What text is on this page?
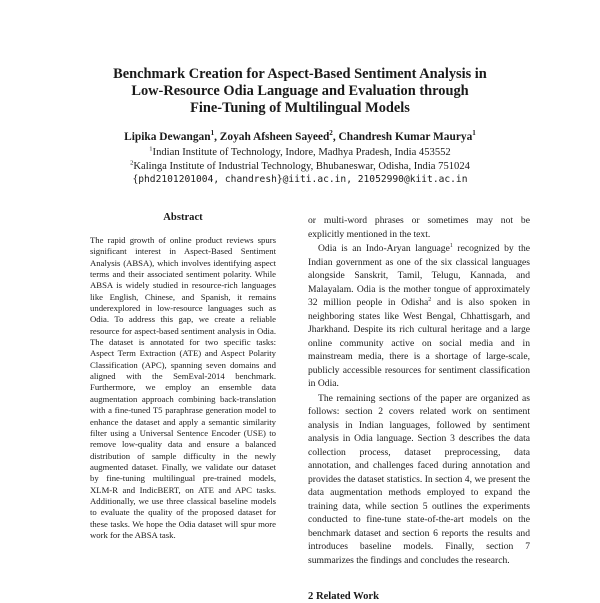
Benchmark Creation for Aspect-Based Sentiment Analysis in
Low-Resource Odia Language and Evaluation through
Fine-Tuning of Multilingual Models
Lipika Dewangan$^1$, Zoyah Afsheen Sayeed$^2$, Chandresh Kumar Maurya$^1$
$^1$Indian Institute of Technology, Indore, Madhya Pradesh, India 453552
$^2$Kalinga Institute of Industrial Technology, Bhubaneswar, Odisha, India 751024
{phd2101201004, chandresh}@iiti.ac.in, 21052990@kiit.ac.in
Abstract

The rapid growth of online product reviews spurs significant interest in Aspect-Based Sentiment Analysis (ABSA), which involves identifying aspect terms and their associated sentiment polarity. While ABSA is widely studied in resource-rich languages like English, Chinese, and Spanish, it remains underexplored in low-resource languages such as Odia. To address this gap, we create a reliable resource for aspect-based sentiment analysis in Odia. The dataset is annotated for two specific tasks: Aspect Term Extraction (ATE) and Aspect Polarity Classification (APC), spanning seven domains and aligned with the SemEval-2014 benchmark. Furthermore, we employ an ensemble data augmentation approach combining back-translation with a fine-tuned T5 paraphrase generation model to enhance the dataset and apply a semantic similarity filter using a Universal Sentence Encoder (USE) to remove low-quality data and ensure a balanced distribution of sample difficulty in the newly augmented dataset. Finally, we validate our dataset by fine-tuning multilingual pre-trained models, XLM-R and IndicBERT, on ATE and APC tasks. Additionally, we use three classical baseline models to evaluate the quality of the proposed dataset for these tasks. We hope the Odia dataset will spur more work for the ABSA task.

or multi-word phrases or sometimes may not be explicitly mentioned in the text.

Odia is an Indo-Aryan language$^1$ recognized by the Indian government as one of the six classical languages alongside Sanskrit, Tamil, Telugu, Kannada, and Malayalam. Odia is the mother tongue of approximately 32 million people in Odisha$^2$ and is also spoken in neighboring states like West Bengal, Chhattisgarh, and Jharkhand. Despite its rich cultural heritage and a large online community active on social media and in mainstream media, there is a shortage of large-scale, publicly accessible resources for sentiment classification in Odia.

The remaining sections of the paper are organized as follows: section 2 covers related work on sentiment analysis in Indian languages, followed by sentiment analysis in Odia language. Section 3 describes the data collection process, dataset preprocessing, data annotation, and challenges faced during annotation and provides the dataset statistics. In section 4, we present the data augmentation methods employed to expand the training data, while section 5 outlines the experiments conducted to fine-tune state-of-the-art models on the benchmark dataset and section 6 reports the results and introduces baseline models. Finally, section 7 summarizes the findings and concludes the research.

2 Related Work
